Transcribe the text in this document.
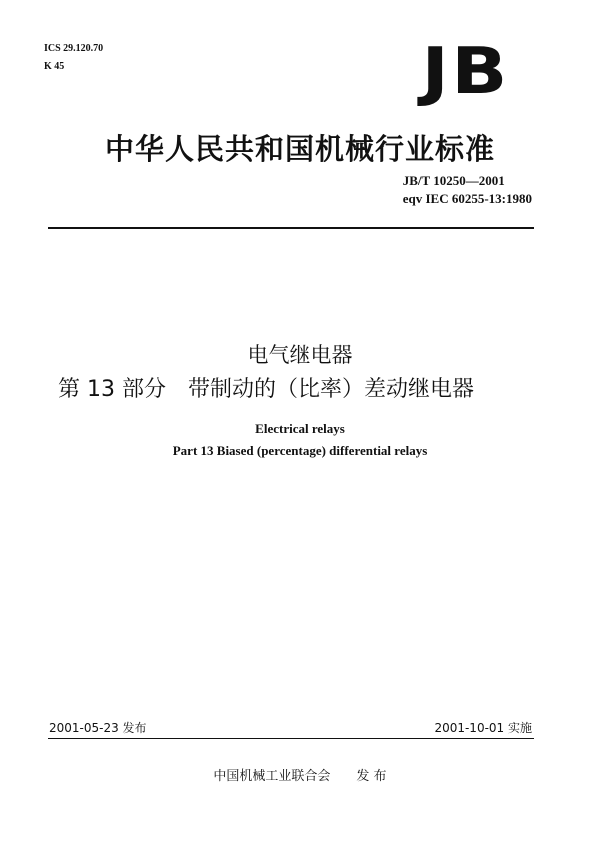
ICS 29.120.70
K 45	JB
中华人民共和国机械行业标准
JB/T 10250—2001
eqv IEC 60255-13:1980
电气继电器
第 13 部分　带制动的（比率）差动继电器
Electrical relays
Part 13 Biased (percentage) differential relays
2001-05-23 发布	2001-10-01 实施
中国机械工业联合会　　发 布
